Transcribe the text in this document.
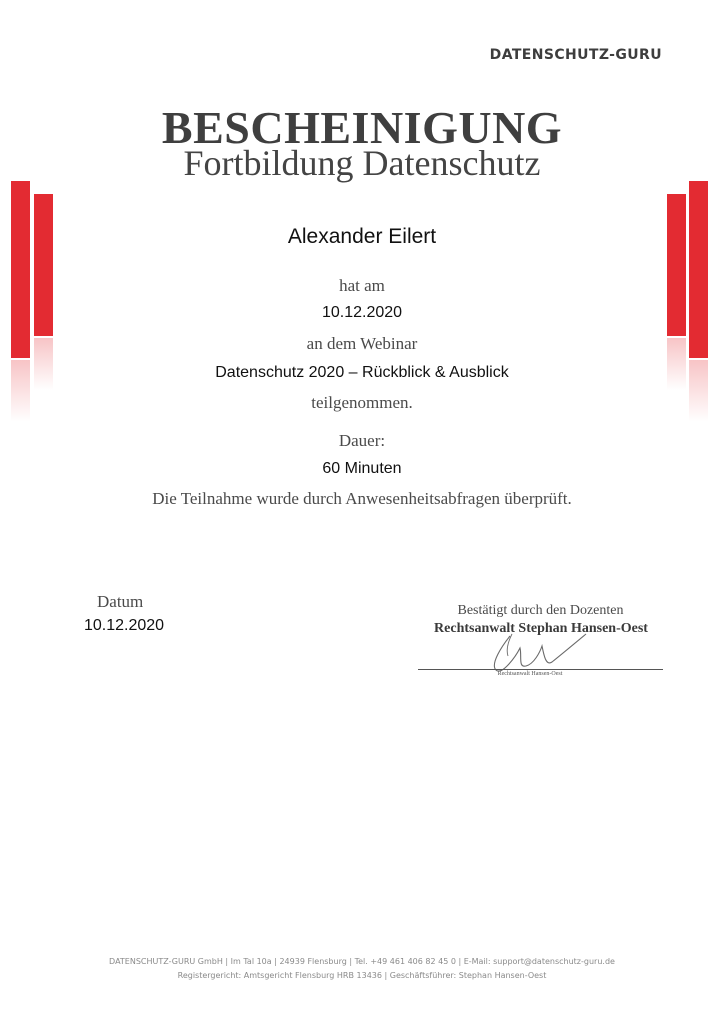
DATENSCHUTZ-GURU
BESCHEINIGUNG
Fortbildung Datenschutz
Alexander Eilert
hat am
10.12.2020
an dem Webinar
Datenschutz 2020 – Rückblick & Ausblick
teilgenommen.
Dauer:
60 Minuten
Die Teilnahme wurde durch Anwesenheitsabfragen überprüft.
Datum
10.12.2020
Bestätigt durch den Dozenten
Rechtsanwalt Stephan Hansen-Oest
Rechtsanwalt Hansen-Oest
DATENSCHUTZ-GURU GmbH | Im Tal 10a | 24939 Flensburg | Tel. +49 461 406 82 45 0 | E-Mail: support@datenschutz-guru.de
Registergericht: Amtsgericht Flensburg HRB 13436 | Geschäftsführer: Stephan Hansen-Oest
